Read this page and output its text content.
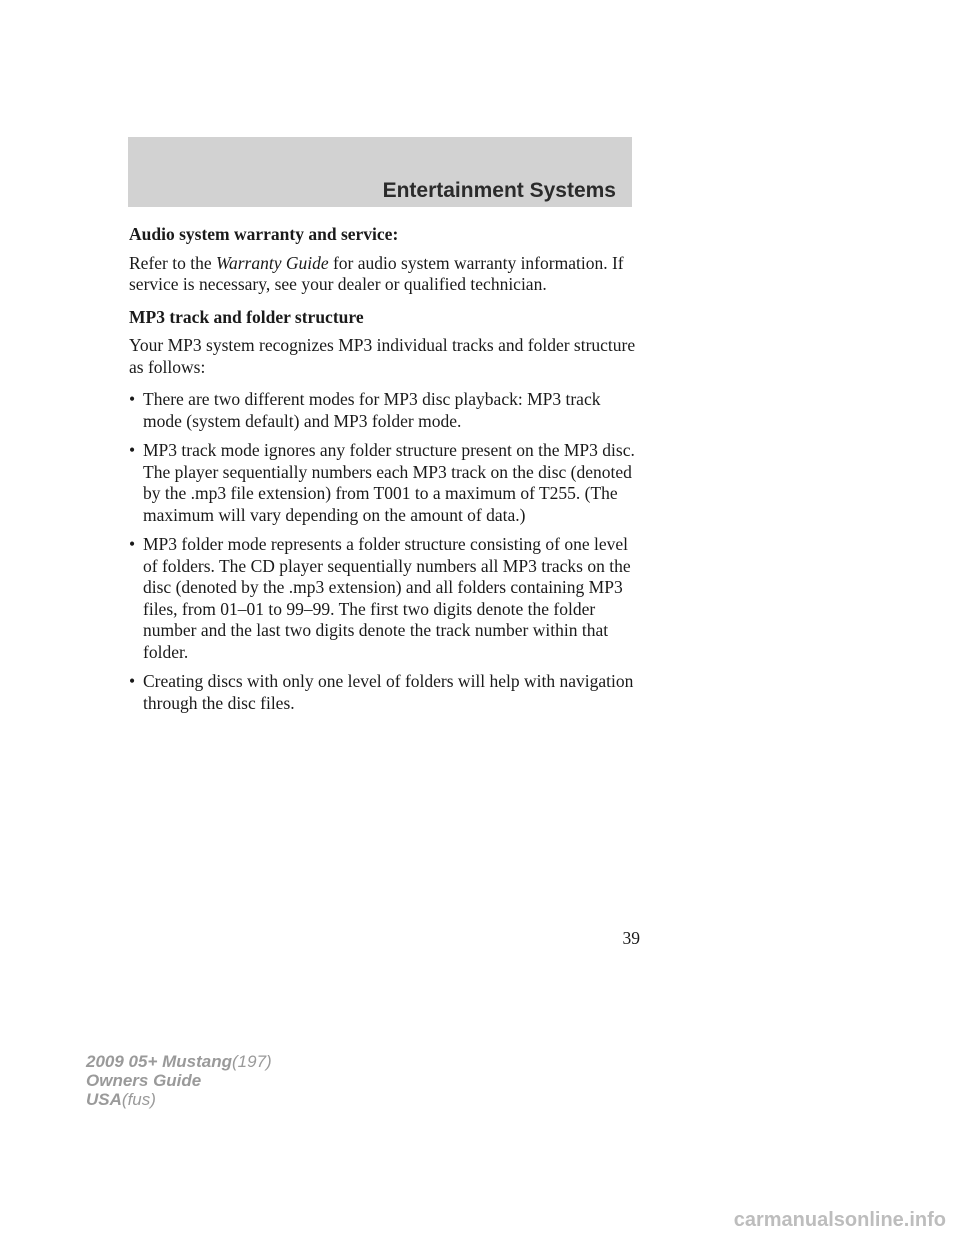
Entertainment Systems
Audio system warranty and service:

Refer to the Warranty Guide for audio system warranty information. If service is necessary, see your dealer or qualified technician.

MP3 track and folder structure

Your MP3 system recognizes MP3 individual tracks and folder structure as follows:

• There are two different modes for MP3 disc playback: MP3 track mode (system default) and MP3 folder mode.
• MP3 track mode ignores any folder structure present on the MP3 disc. The player sequentially numbers each MP3 track on the disc (denoted by the .mp3 file extension) from T001 to a maximum of T255. (The maximum will vary depending on the amount of data.)
• MP3 folder mode represents a folder structure consisting of one level of folders. The CD player sequentially numbers all MP3 tracks on the disc (denoted by the .mp3 extension) and all folders containing MP3 files, from 01–01 to 99–99. The first two digits denote the folder number and the last two digits denote the track number within that folder.
• Creating discs with only one level of folders will help with navigation through the disc files.
39
2009 05+ Mustang(197)
Owners Guide
USA(fus)
carmanualsonline.info
